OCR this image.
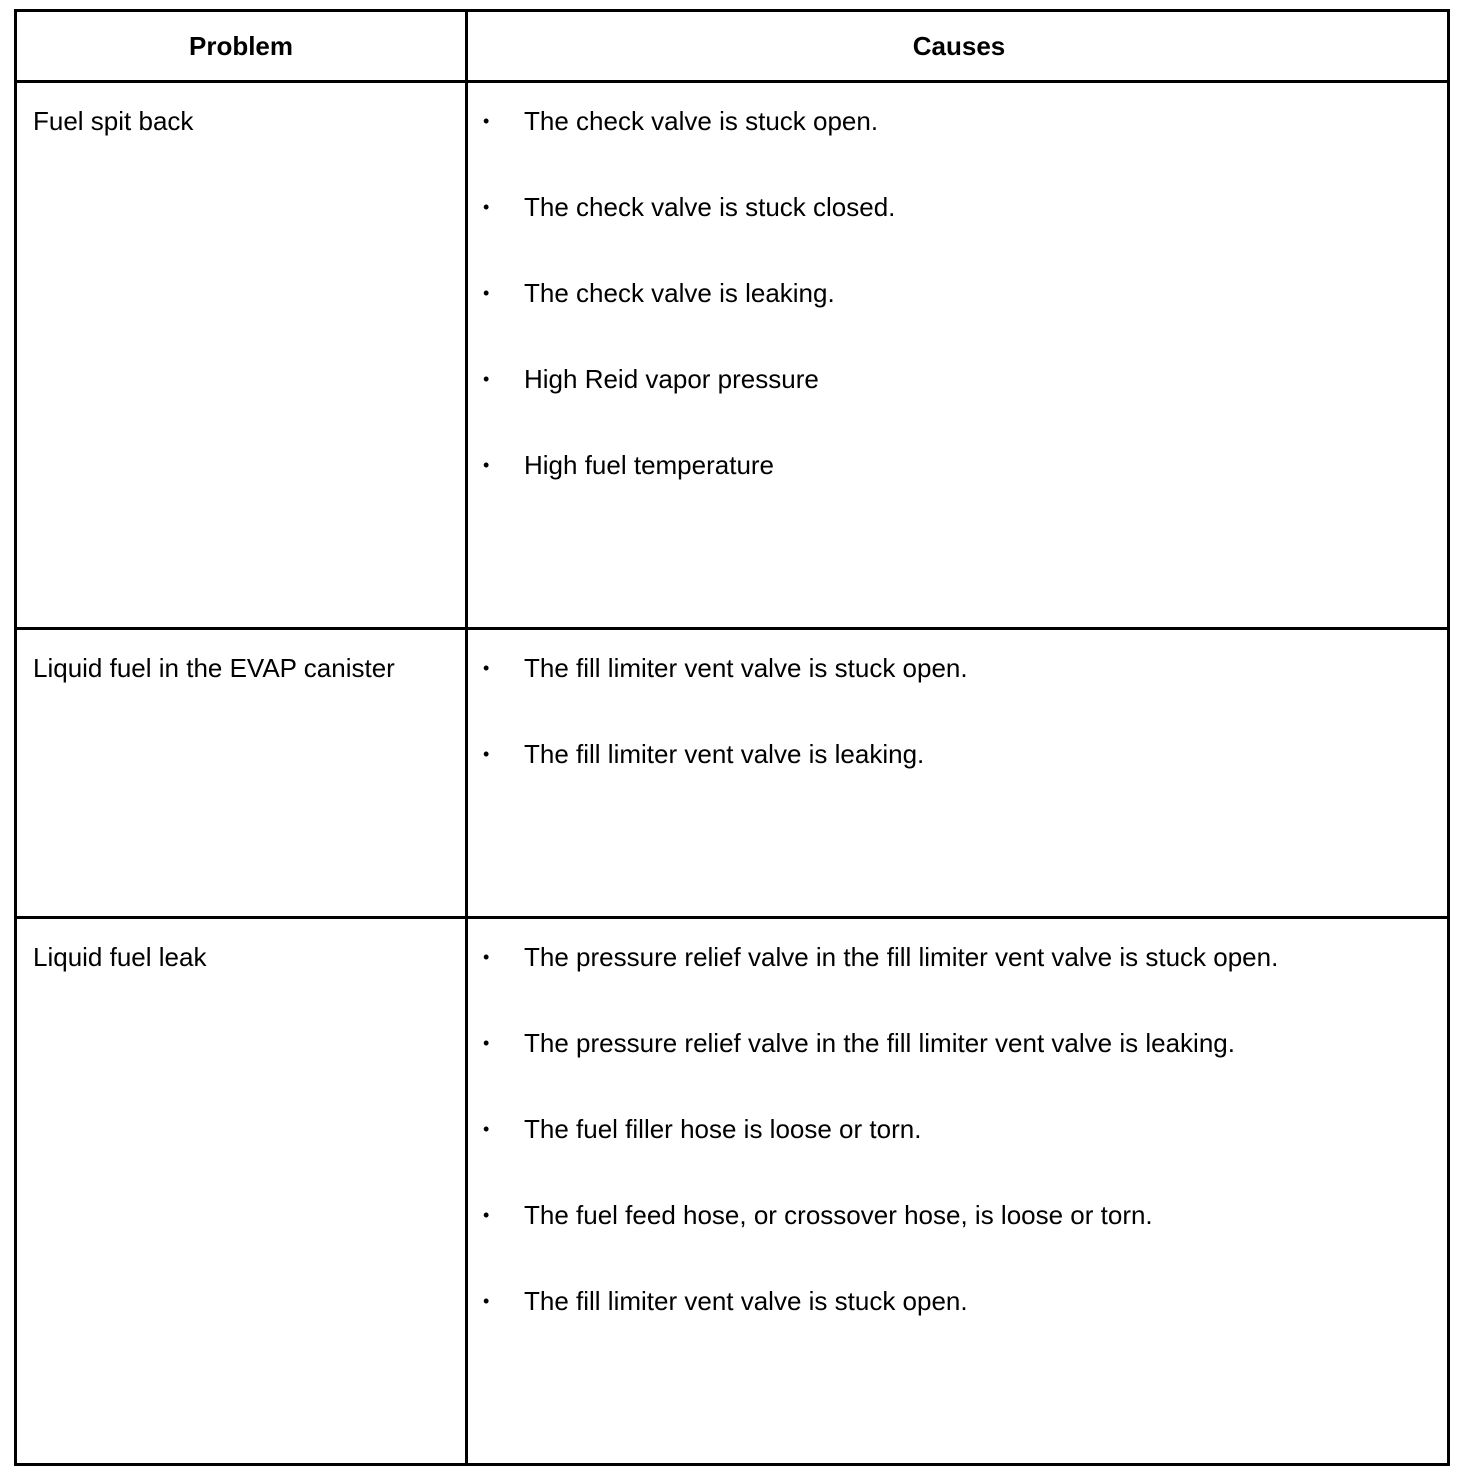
Problem	Causes
Fuel spit back	• The check valve is stuck open.
• The check valve is stuck closed.
• The check valve is leaking.
• High Reid vapor pressure
• High fuel temperature
Liquid fuel in the EVAP canister	• The fill limiter vent valve is stuck open.
• The fill limiter vent valve is leaking.
Liquid fuel leak	• The pressure relief valve in the fill limiter vent valve is stuck open.
• The pressure relief valve in the fill limiter vent valve is leaking.
• The fuel filler hose is loose or torn.
• The fuel feed hose, or crossover hose, is loose or torn.
• The fill limiter vent valve is stuck open.
